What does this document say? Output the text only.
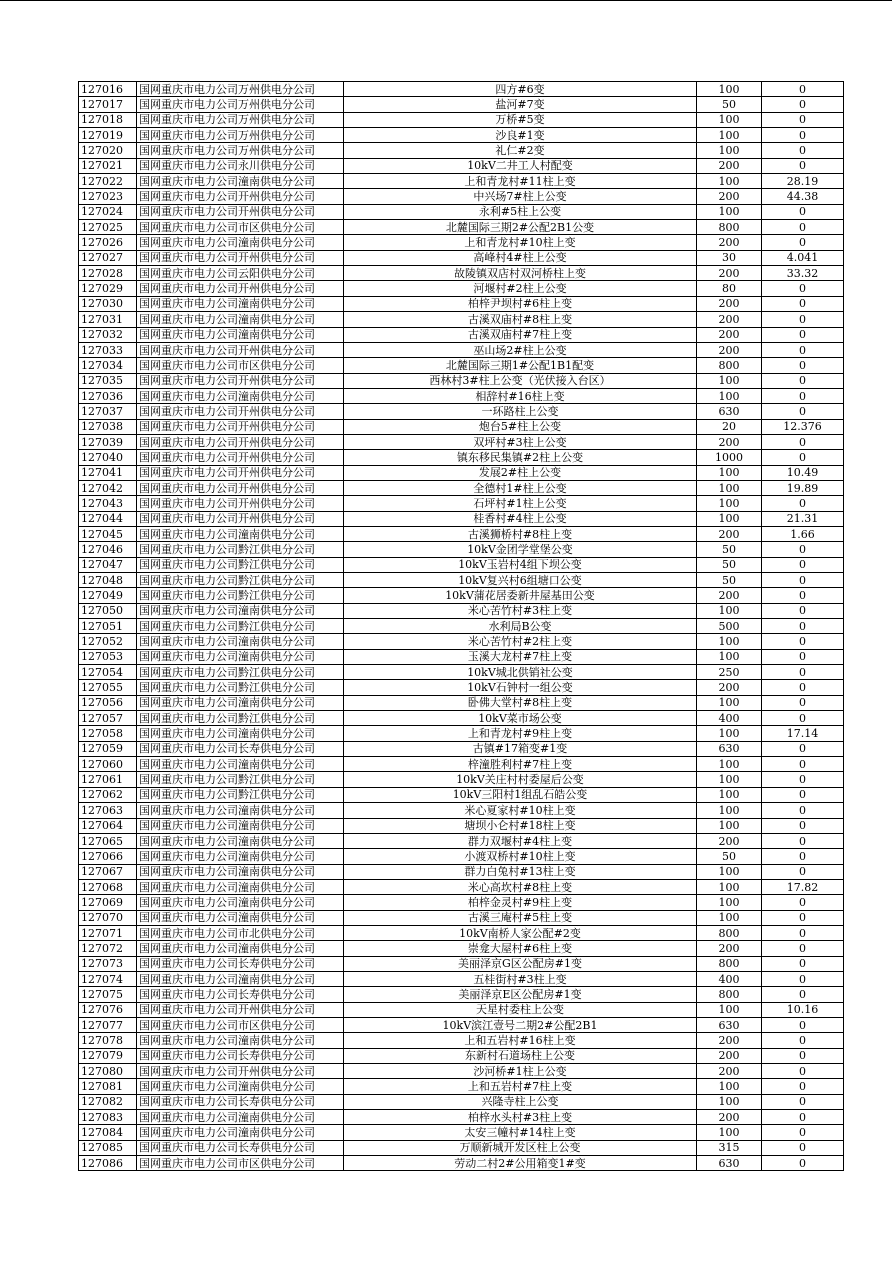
127016	国网重庆市电力公司万州供电分公司	四方#6变	100	0
127017	国网重庆市电力公司万州供电分公司	盐河#7变	50	0
127018	国网重庆市电力公司万州供电分公司	万桥#5变	100	0
127019	国网重庆市电力公司万州供电分公司	沙良#1变	100	0
127020	国网重庆市电力公司万州供电分公司	礼仁#2变	100	0
127021	国网重庆市电力公司永川供电分公司	10kV二井工人村配变	200	0
127022	国网重庆市电力公司潼南供电分公司	上和青龙村#11柱上变	100	28.19
127023	国网重庆市电力公司开州供电分公司	中兴场7#柱上公变	200	44.38
127024	国网重庆市电力公司开州供电分公司	永利#5柱上公变	100	0
127025	国网重庆市电力公司市区供电分公司	北麓国际三期2#公配2B1公变	800	0
127026	国网重庆市电力公司潼南供电分公司	上和青龙村#10柱上变	200	0
127027	国网重庆市电力公司开州供电分公司	高峰村4#柱上公变	30	4.041
127028	国网重庆市电力公司云阳供电分公司	故陵镇双店村双河桥柱上变	200	33.32
127029	国网重庆市电力公司开州供电分公司	河堰村#2柱上公变	80	0
127030	国网重庆市电力公司潼南供电分公司	柏梓尹坝村#6柱上变	200	0
127031	国网重庆市电力公司潼南供电分公司	古溪双庙村#8柱上变	200	0
127032	国网重庆市电力公司潼南供电分公司	古溪双庙村#7柱上变	200	0
127033	国网重庆市电力公司开州供电分公司	巫山场2#柱上公变	200	0
127034	国网重庆市电力公司市区供电分公司	北麓国际三期1#公配1B1配变	800	0
127035	国网重庆市电力公司开州供电分公司	西林村3#柱上公变（光伏接入台区）	100	0
127036	国网重庆市电力公司潼南供电分公司	相辞村#16柱上变	100	0
127037	国网重庆市电力公司开州供电分公司	一环路柱上公变	630	0
127038	国网重庆市电力公司开州供电分公司	炮台5#柱上公变	20	12.376
127039	国网重庆市电力公司开州供电分公司	双坪村#3柱上公变	200	0
127040	国网重庆市电力公司开州供电分公司	镇东移民集镇#2柱上公变	1000	0
127041	国网重庆市电力公司开州供电分公司	发展2#柱上公变	100	10.49
127042	国网重庆市电力公司开州供电分公司	全德村1#柱上公变	100	19.89
127043	国网重庆市电力公司开州供电分公司	石坪村#1柱上公变	100	0
127044	国网重庆市电力公司开州供电分公司	桂香村#4柱上公变	100	21.31
127045	国网重庆市电力公司潼南供电分公司	古溪狮桥村#8柱上变	200	1.66
127046	国网重庆市电力公司黔江供电分公司	10kV金团学堂堡公变	50	0
127047	国网重庆市电力公司黔江供电分公司	10kV玉岩村4组下坝公变	50	0
127048	国网重庆市电力公司黔江供电分公司	10kV复兴村6组塘口公变	50	0
127049	国网重庆市电力公司黔江供电分公司	10kV蒲花居委新井屋基田公变	200	0
127050	国网重庆市电力公司潼南供电分公司	米心苦竹村#3柱上变	100	0
127051	国网重庆市电力公司黔江供电分公司	水利局B公变	500	0
127052	国网重庆市电力公司潼南供电分公司	米心苦竹村#2柱上变	100	0
127053	国网重庆市电力公司潼南供电分公司	玉溪大龙村#7柱上变	100	0
127054	国网重庆市电力公司黔江供电分公司	10kV城北供销社公变	250	0
127055	国网重庆市电力公司黔江供电分公司	10kV石钟村一组公变	200	0
127056	国网重庆市电力公司潼南供电分公司	卧佛大堂村#8柱上变	100	0
127057	国网重庆市电力公司黔江供电分公司	10kV菜市场公变	400	0
127058	国网重庆市电力公司潼南供电分公司	上和青龙村#9柱上变	100	17.14
127059	国网重庆市电力公司长寿供电分公司	古镇#17箱变#1变	630	0
127060	国网重庆市电力公司潼南供电分公司	梓潼胜利村#7柱上变	100	0
127061	国网重庆市电力公司黔江供电分公司	10kV关庄村村委屋后公变	100	0
127062	国网重庆市电力公司黔江供电分公司	10kV三阳村1组乱石皓公变	100	0
127063	国网重庆市电力公司潼南供电分公司	米心夏家村#10柱上变	100	0
127064	国网重庆市电力公司潼南供电分公司	塘坝小仑村#18柱上变	100	0
127065	国网重庆市电力公司潼南供电分公司	群力双堰村#4柱上变	200	0
127066	国网重庆市电力公司潼南供电分公司	小渡双桥村#10柱上变	50	0
127067	国网重庆市电力公司潼南供电分公司	群力白兔村#13柱上变	100	0
127068	国网重庆市电力公司潼南供电分公司	米心高坎村#8柱上变	100	17.82
127069	国网重庆市电力公司潼南供电分公司	柏梓金灵村#9柱上变	100	0
127070	国网重庆市电力公司潼南供电分公司	古溪三庵村#5柱上变	100	0
127071	国网重庆市电力公司市北供电分公司	10kV南桥人家公配#2变	800	0
127072	国网重庆市电力公司潼南供电分公司	崇龛大屋村#6柱上变	200	0
127073	国网重庆市电力公司长寿供电分公司	美丽泽京G区公配房#1变	800	0
127074	国网重庆市电力公司潼南供电分公司	五桂街村#3柱上变	400	0
127075	国网重庆市电力公司长寿供电分公司	美丽泽京E区公配房#1变	800	0
127076	国网重庆市电力公司开州供电分公司	天星村委柱上公变	100	10.16
127077	国网重庆市电力公司市区供电分公司	10kV滨江壹号二期2#公配2B1	630	0
127078	国网重庆市电力公司潼南供电分公司	上和五岩村#16柱上变	200	0
127079	国网重庆市电力公司长寿供电分公司	东新村石道场柱上公变	200	0
127080	国网重庆市电力公司开州供电分公司	沙河桥#1柱上公变	200	0
127081	国网重庆市电力公司潼南供电分公司	上和五岩村#7柱上变	100	0
127082	国网重庆市电力公司长寿供电分公司	兴隆寺柱上公变	100	0
127083	国网重庆市电力公司潼南供电分公司	柏梓水头村#3柱上变	200	0
127084	国网重庆市电力公司潼南供电分公司	太安三幢村#14柱上变	100	0
127085	国网重庆市电力公司长寿供电分公司	万顺新城开发区柱上公变	315	0
127086	国网重庆市电力公司市区供电分公司	劳动二村2#公用箱变1#变	630	0
